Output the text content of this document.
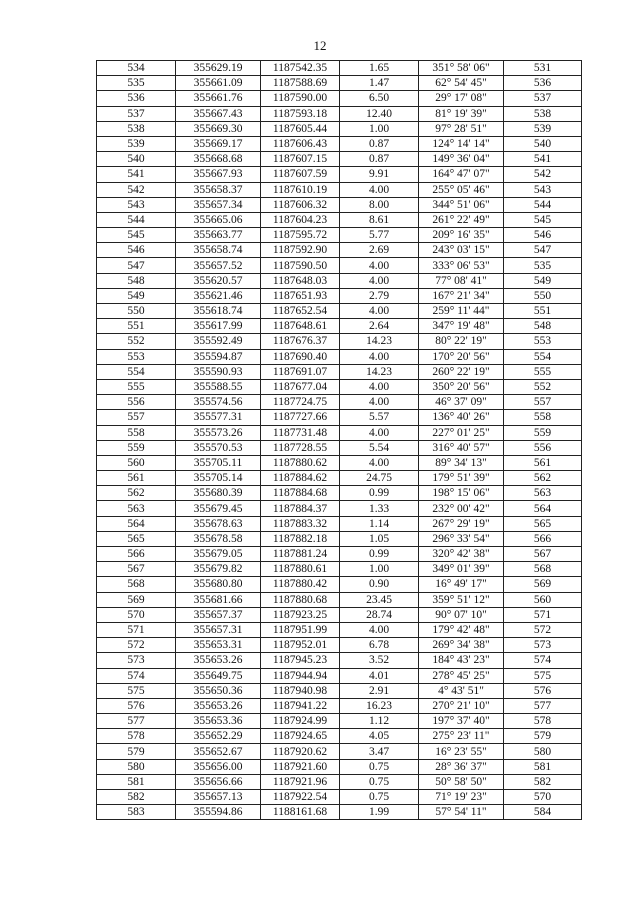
12
534	355629.19	1187542.35	1.65	351° 58' 06"	531
535	355661.09	1187588.69	1.47	62° 54' 45"	536
536	355661.76	1187590.00	6.50	29° 17' 08"	537
537	355667.43	1187593.18	12.40	81° 19' 39"	538
538	355669.30	1187605.44	1.00	97° 28' 51"	539
539	355669.17	1187606.43	0.87	124° 14' 14"	540
540	355668.68	1187607.15	0.87	149° 36' 04"	541
541	355667.93	1187607.59	9.91	164° 47' 07"	542
542	355658.37	1187610.19	4.00	255° 05' 46"	543
543	355657.34	1187606.32	8.00	344° 51' 06"	544
544	355665.06	1187604.23	8.61	261° 22' 49"	545
545	355663.77	1187595.72	5.77	209° 16' 35"	546
546	355658.74	1187592.90	2.69	243° 03' 15"	547
547	355657.52	1187590.50	4.00	333° 06' 53"	535
548	355620.57	1187648.03	4.00	77° 08' 41"	549
549	355621.46	1187651.93	2.79	167° 21' 34"	550
550	355618.74	1187652.54	4.00	259° 11' 44"	551
551	355617.99	1187648.61	2.64	347° 19' 48"	548
552	355592.49	1187676.37	14.23	80° 22' 19"	553
553	355594.87	1187690.40	4.00	170° 20' 56"	554
554	355590.93	1187691.07	14.23	260° 22' 19"	555
555	355588.55	1187677.04	4.00	350° 20' 56"	552
556	355574.56	1187724.75	4.00	46° 37' 09"	557
557	355577.31	1187727.66	5.57	136° 40' 26"	558
558	355573.26	1187731.48	4.00	227° 01' 25"	559
559	355570.53	1187728.55	5.54	316° 40' 57"	556
560	355705.11	1187880.62	4.00	89° 34' 13"	561
561	355705.14	1187884.62	24.75	179° 51' 39"	562
562	355680.39	1187884.68	0.99	198° 15' 06"	563
563	355679.45	1187884.37	1.33	232° 00' 42"	564
564	355678.63	1187883.32	1.14	267° 29' 19"	565
565	355678.58	1187882.18	1.05	296° 33' 54"	566
566	355679.05	1187881.24	0.99	320° 42' 38"	567
567	355679.82	1187880.61	1.00	349° 01' 39"	568
568	355680.80	1187880.42	0.90	16° 49' 17"	569
569	355681.66	1187880.68	23.45	359° 51' 12"	560
570	355657.37	1187923.25	28.74	90° 07' 10"	571
571	355657.31	1187951.99	4.00	179° 42' 48"	572
572	355653.31	1187952.01	6.78	269° 34' 38"	573
573	355653.26	1187945.23	3.52	184° 43' 23"	574
574	355649.75	1187944.94	4.01	278° 45' 25"	575
575	355650.36	1187940.98	2.91	4° 43' 51"	576
576	355653.26	1187941.22	16.23	270° 21' 10"	577
577	355653.36	1187924.99	1.12	197° 37' 40"	578
578	355652.29	1187924.65	4.05	275° 23' 11"	579
579	355652.67	1187920.62	3.47	16° 23' 55"	580
580	355656.00	1187921.60	0.75	28° 36' 37"	581
581	355656.66	1187921.96	0.75	50° 58' 50"	582
582	355657.13	1187922.54	0.75	71° 19' 23"	570
583	355594.86	1188161.68	1.99	57° 54' 11"	584
